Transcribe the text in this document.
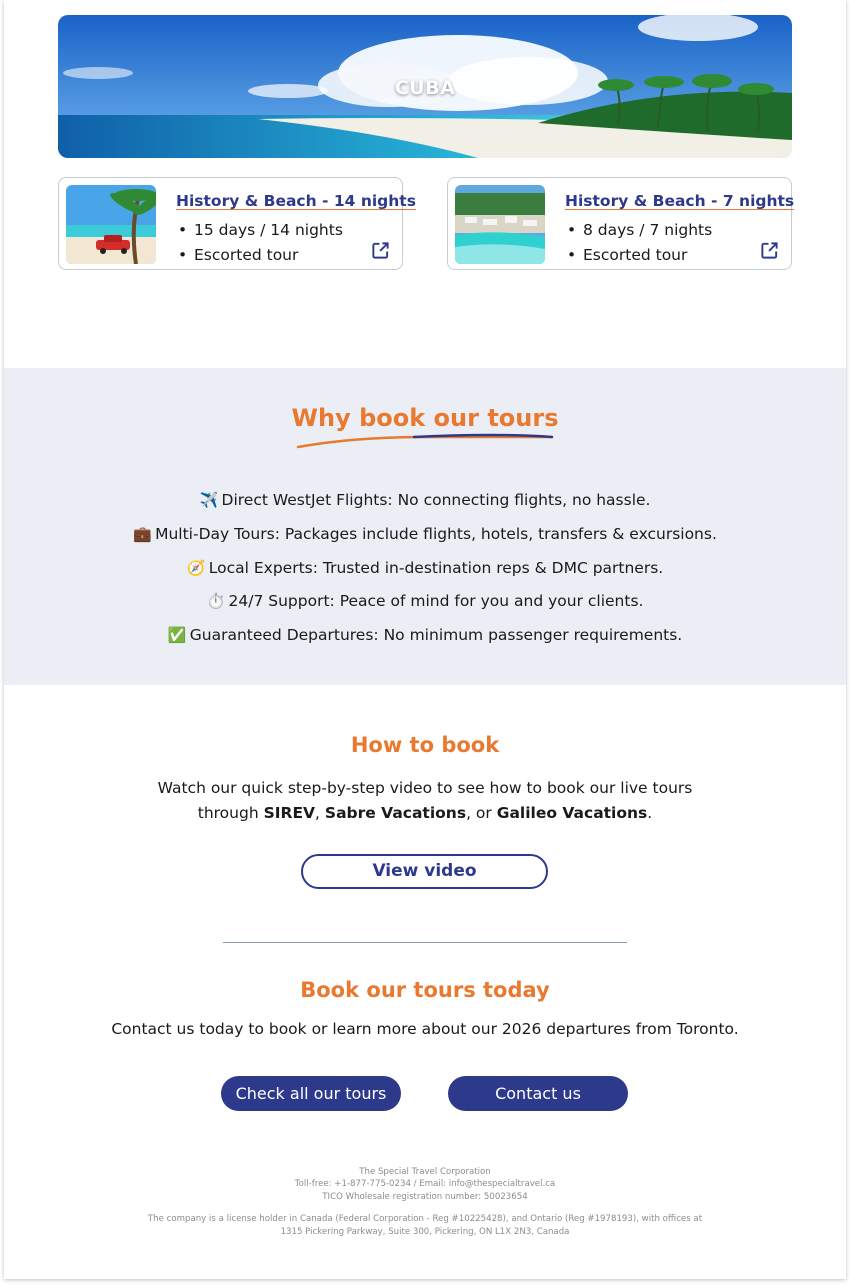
CUBA
History & Beach - 14 nights
• 15 days / 14 nights
• Escorted tour
History & Beach - 7 nights
• 8 days / 7 nights
• Escorted tour
Why book our tours
✈️ Direct WestJet Flights: No connecting flights, no hassle.
💼 Multi-Day Tours: Packages include flights, hotels, transfers & excursions.
🧭 Local Experts: Trusted in-destination reps & DMC partners.
⏱️ 24/7 Support: Peace of mind for you and your clients.
✅ Guaranteed Departures: No minimum passenger requirements.
How to book
Watch our quick step-by-step video to see how to book our live tours
through SIREV, Sabre Vacations, or Galileo Vacations.
View video
Book our tours today
Contact us today to book or learn more about our 2026 departures from Toronto.
Check all our tours	Contact us
The Special Travel Corporation
Toll-free: +1-877-775-0234 / Email: info@thespecialtravel.ca
TICO Wholesale registration number: 50023654
The company is a license holder in Canada (Federal Corporation - Reg #10225428), and Ontario (Reg #1978193), with offices at
1315 Pickering Parkway, Suite 300, Pickering, ON L1X 2N3, Canada
